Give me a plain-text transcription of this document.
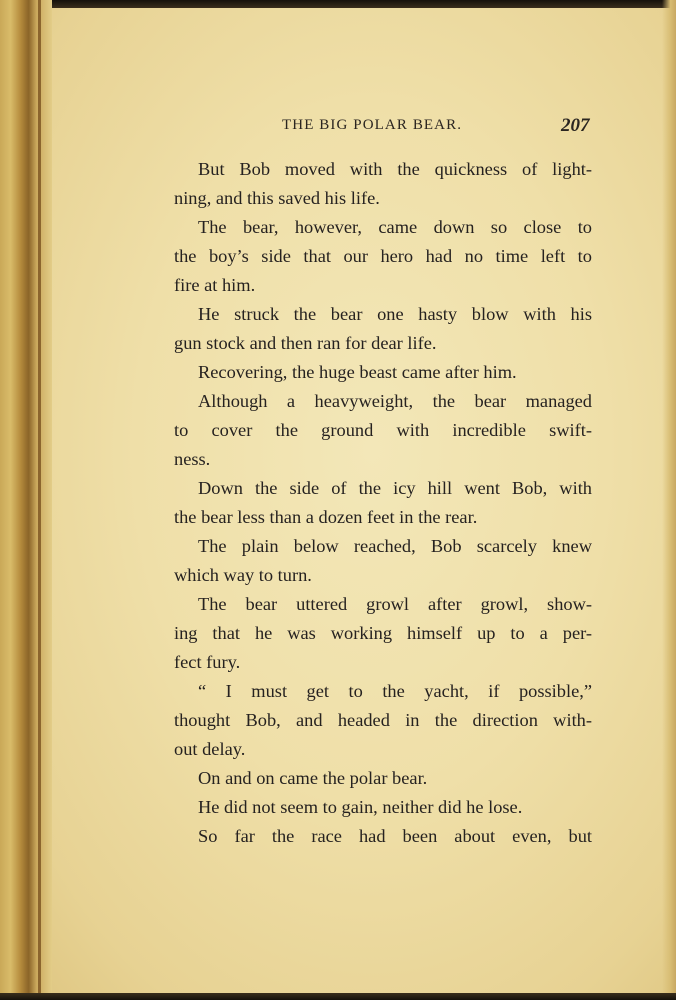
THE BIG POLAR BEAR.	207
But Bob moved with the quickness of light-
ning, and this saved his life.
The bear, however, came down so close to
the boy’s side that our hero had no time left to
fire at him.
He struck the bear one hasty blow with his
gun stock and then ran for dear life.
Recovering, the huge beast came after him.
Although a heavyweight, the bear managed
to cover the ground with incredible swift-
ness.
Down the side of the icy hill went Bob, with
the bear less than a dozen feet in the rear.
The plain below reached, Bob scarcely knew
which way to turn.
The bear uttered growl after growl, show-
ing that he was working himself up to a per-
fect fury.
“ I must get to the yacht, if possible,”
thought Bob, and headed in the direction with-
out delay.
On and on came the polar bear.
He did not seem to gain, neither did he lose.
So far the race had been about even, but
